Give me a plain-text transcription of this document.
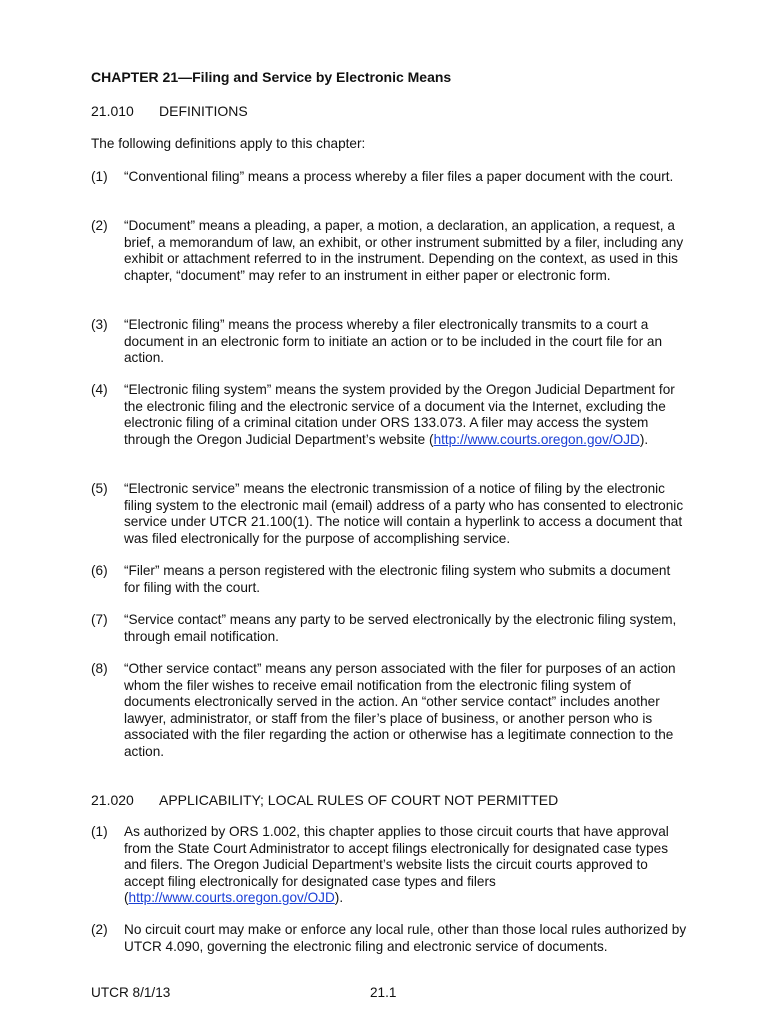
CHAPTER 21—Filing and Service by Electronic Means
21.010 DEFINITIONS
The following definitions apply to this chapter:
(1) “Conventional filing” means a process whereby a filer files a paper document with the court.
(2) “Document” means a pleading, a paper, a motion, a declaration, an application, a request, a brief, a memorandum of law, an exhibit, or other instrument submitted by a filer, including any exhibit or attachment referred to in the instrument. Depending on the context, as used in this chapter, “document” may refer to an instrument in either paper or electronic form.
(3) “Electronic filing” means the process whereby a filer electronically transmits to a court a document in an electronic form to initiate an action or to be included in the court file for an action.
(4) “Electronic filing system” means the system provided by the Oregon Judicial Department for the electronic filing and the electronic service of a document via the Internet, excluding the electronic filing of a criminal citation under ORS 133.073. A filer may access the system through the Oregon Judicial Department’s website (http://www.courts.oregon.gov/OJD).
(5) “Electronic service” means the electronic transmission of a notice of filing by the electronic filing system to the electronic mail (email) address of a party who has consented to electronic service under UTCR 21.100(1). The notice will contain a hyperlink to access a document that was filed electronically for the purpose of accomplishing service.
(6) “Filer” means a person registered with the electronic filing system who submits a document for filing with the court.
(7) “Service contact” means any party to be served electronically by the electronic filing system, through email notification.
(8) “Other service contact” means any person associated with the filer for purposes of an action whom the filer wishes to receive email notification from the electronic filing system of documents electronically served in the action. An “other service contact” includes another lawyer, administrator, or staff from the filer’s place of business, or another person who is associated with the filer regarding the action or otherwise has a legitimate connection to the action.
21.020 APPLICABILITY; LOCAL RULES OF COURT NOT PERMITTED
(1) As authorized by ORS 1.002, this chapter applies to those circuit courts that have approval from the State Court Administrator to accept filings electronically for designated case types and filers. The Oregon Judicial Department’s website lists the circuit courts approved to accept filing electronically for designated case types and filers (http://www.courts.oregon.gov/OJD).
(2) No circuit court may make or enforce any local rule, other than those local rules authorized by UTCR 4.090, governing the electronic filing and electronic service of documents.
UTCR 8/1/13	21.1
